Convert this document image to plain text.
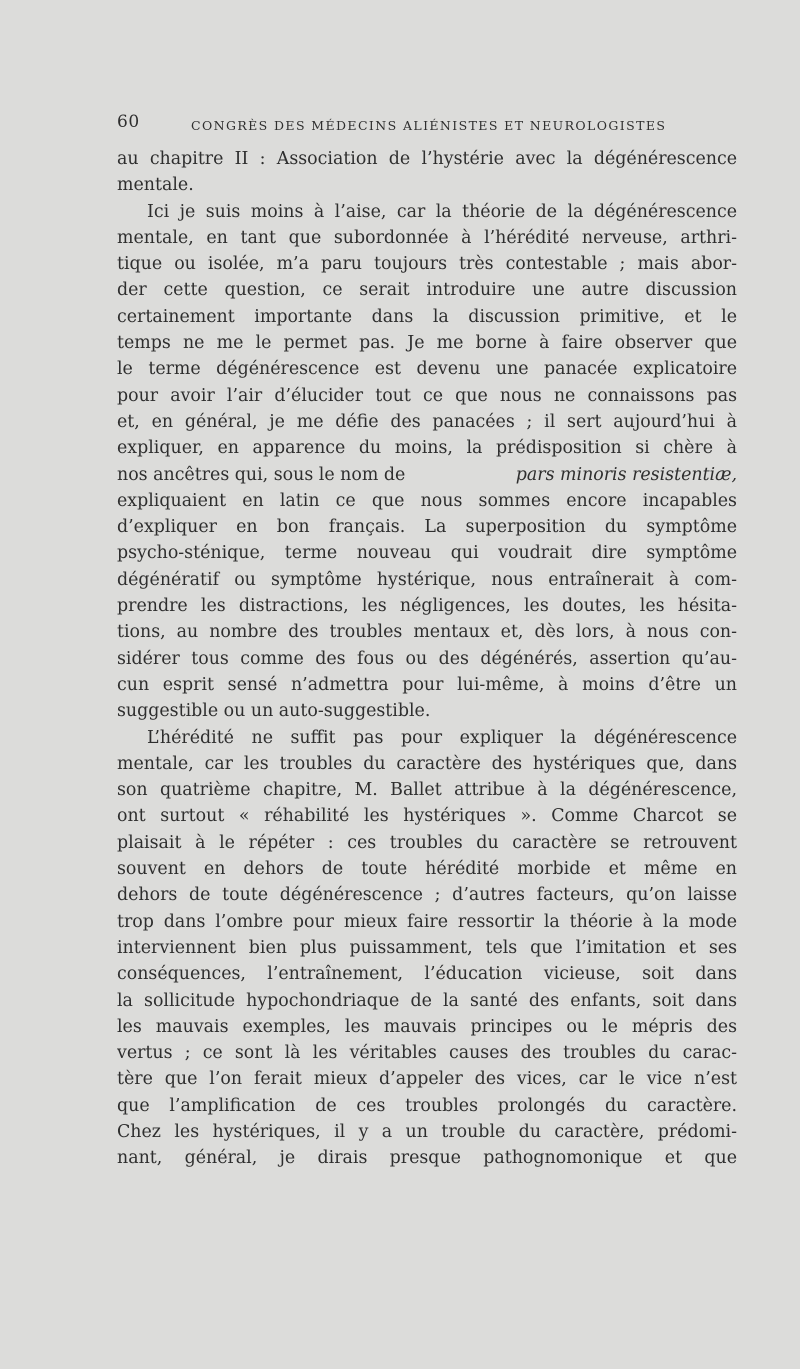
60	CONGRÈS DES MÉDECINS ALIÉNISTES ET NEUROLOGISTES
au chapitre II : Association de l’hystérie avec la dégénérescence
mentale.
Ici je suis moins à l’aise, car la théorie de la dégénérescence
mentale, en tant que subordonnée à l’hérédité nerveuse, arthri-
tique ou isolée, m’a paru toujours très contestable ; mais abor-
der cette question, ce serait introduire une autre discussion
certainement importante dans la discussion primitive, et le
temps ne me le permet pas. Je me borne à faire observer que
le terme dégénérescence est devenu une panacée explicatoire
pour avoir l’air d’élucider tout ce que nous ne connaissons pas
et, en général, je me défie des panacées ; il sert aujourd’hui à
expliquer, en apparence du moins, la prédisposition si chère à
nos ancêtres qui, sous le nom de	pars minoris resistentiæ,
expliquaient en latin ce que nous sommes encore incapables
d’expliquer en bon français. La superposition du symptôme
psycho-sténique, terme nouveau qui voudrait dire symptôme
dégénératif ou symptôme hystérique, nous entraînerait à com-
prendre les distractions, les négligences, les doutes, les hésita-
tions, au nombre des troubles mentaux et, dès lors, à nous con-
sidérer tous comme des fous ou des dégénérés, assertion qu’au-
cun esprit sensé n’admettra pour lui-même, à moins d’être un
suggestible ou un auto-suggestible.
L’hérédité ne suffit pas pour expliquer la dégénérescence
mentale, car les troubles du caractère des hystériques que, dans
son quatrième chapitre, M. Ballet attribue à la dégénérescence,
ont surtout « réhabilité les hystériques ». Comme Charcot se
plaisait à le répéter : ces troubles du caractère se retrouvent
souvent en dehors de toute hérédité morbide et même en
dehors de toute dégénérescence ; d’autres facteurs, qu’on laisse
trop dans l’ombre pour mieux faire ressortir la théorie à la mode
interviennent bien plus puissamment, tels que l’imitation et ses
conséquences, l’entraînement, l’éducation vicieuse, soit dans
la sollicitude hypochondriaque de la santé des enfants, soit dans
les mauvais exemples, les mauvais principes ou le mépris des
vertus ; ce sont là les véritables causes des troubles du carac-
tère que l’on ferait mieux d’appeler des vices, car le vice n’est
que l’amplification de ces troubles prolongés du caractère.
Chez les hystériques, il y a un trouble du caractère, prédomi-
nant, général, je dirais presque pathognomonique et que
